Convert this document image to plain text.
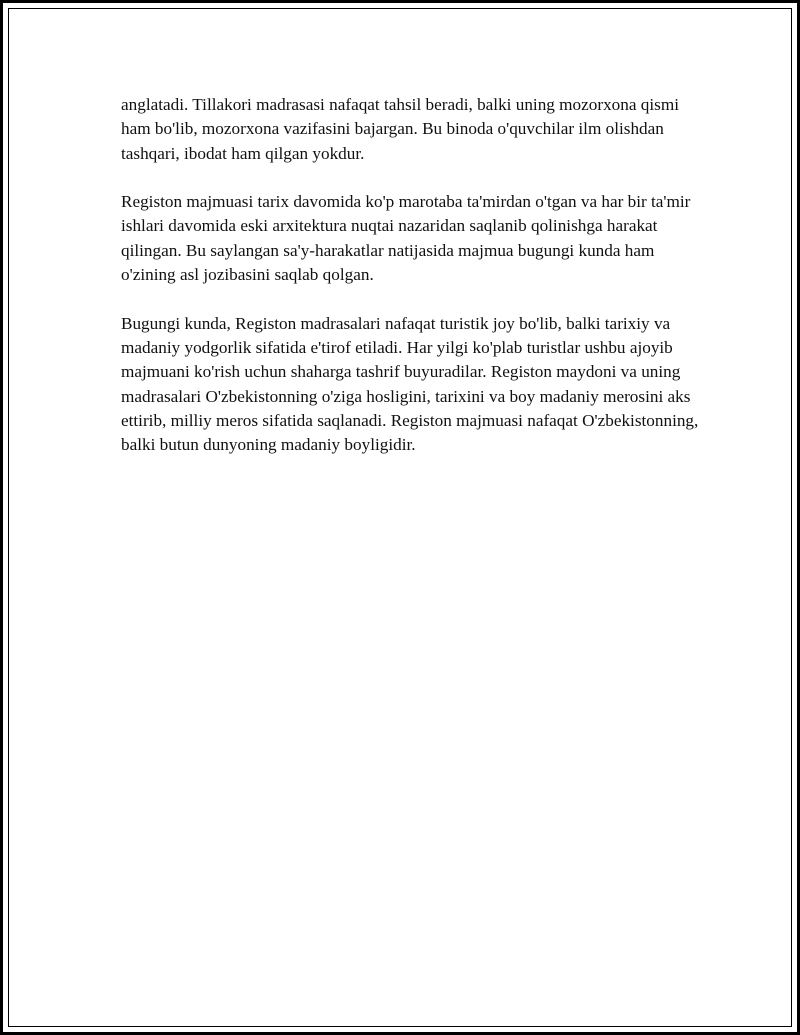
anglatadi. Tillakori madrasasi nafaqat tahsil beradi, balki uning mozorxona qismi ham bo'lib, mozorxona vazifasini bajargan. Bu binoda o'quvchilar ilm olishdan tashqari, ibodat ham qilgan yokdur.

Registon majmuasi tarix davomida ko'p marotaba ta'mirdan o'tgan va har bir ta'mir ishlari davomida eski arxitektura nuqtai nazaridan saqlanib qolinishga harakat qilingan. Bu saylangan sa'y-harakatlar natijasida majmua bugungi kunda ham o'zining asl jozibasini saqlab qolgan.

Bugungi kunda, Registon madrasalari nafaqat turistik joy bo'lib, balki tarixiy va madaniy yodgorlik sifatida e'tirof etiladi. Har yilgi ko'plab turistlar ushbu ajoyib majmuani ko'rish uchun shaharga tashrif buyuradilar. Registon maydoni va uning madrasalari O'zbekistonning o'ziga hosligini, tarixini va boy madaniy merosini aks ettirib, milliy meros sifatida saqlanadi. Registon majmuasi nafaqat O'zbekistonning, balki butun dunyoning madaniy boyligidir.
